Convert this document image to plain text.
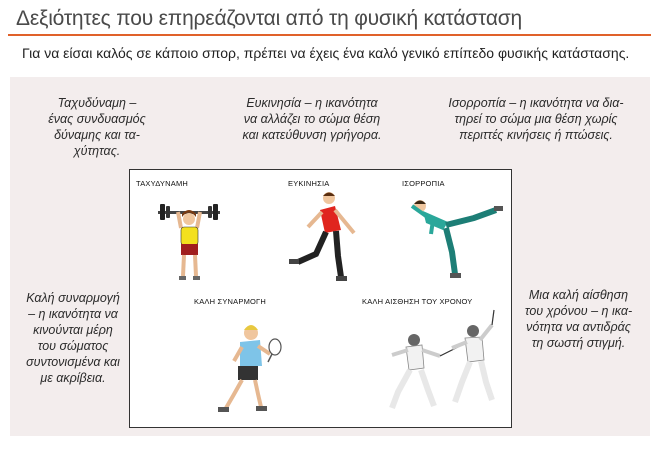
Δεξιότητες που επηρεάζονται από τη φυσική κατάσταση

Για να είσαι καλός σε κάποιο σπορ, πρέπει να έχεις ένα καλό γενικό επίπεδο φυσικής κατάστασης.

Ταχυδύναμη –
ένας συνδυασμός
δύναμης και τα-
χύτητας.
Ευκινησία – η ικανότητα
να αλλάζει το σώμα θέση
και κατεύθυνση γρήγορα.
Ισορροπία – η ικανότητα να δια-
τηρεί το σώμα μια θέση χωρίς
περιττές κινήσεις ή πτώσεις.
Καλή συναρμογή
– η ικανότητα να
κινούνται μέρη
του σώματος
συντονισμένα και
με ακρίβεια.
Μια καλή αίσθηση
του χρόνου – η ικα-
νότητα να αντιδράς
τη σωστή στιγμή.
ΤΑΧΥΔΥΝΑΜΗ	ΕΥΚΙΝΗΣΙΑ	ΙΣΟΡΡΟΠΙΑ
ΚΑΛΗ ΣΥΝΑΡΜΟΓΗ	ΚΑΛΗ ΑΙΣΘΗΣΗ ΤΟΥ ΧΡΟΝΟΥ
